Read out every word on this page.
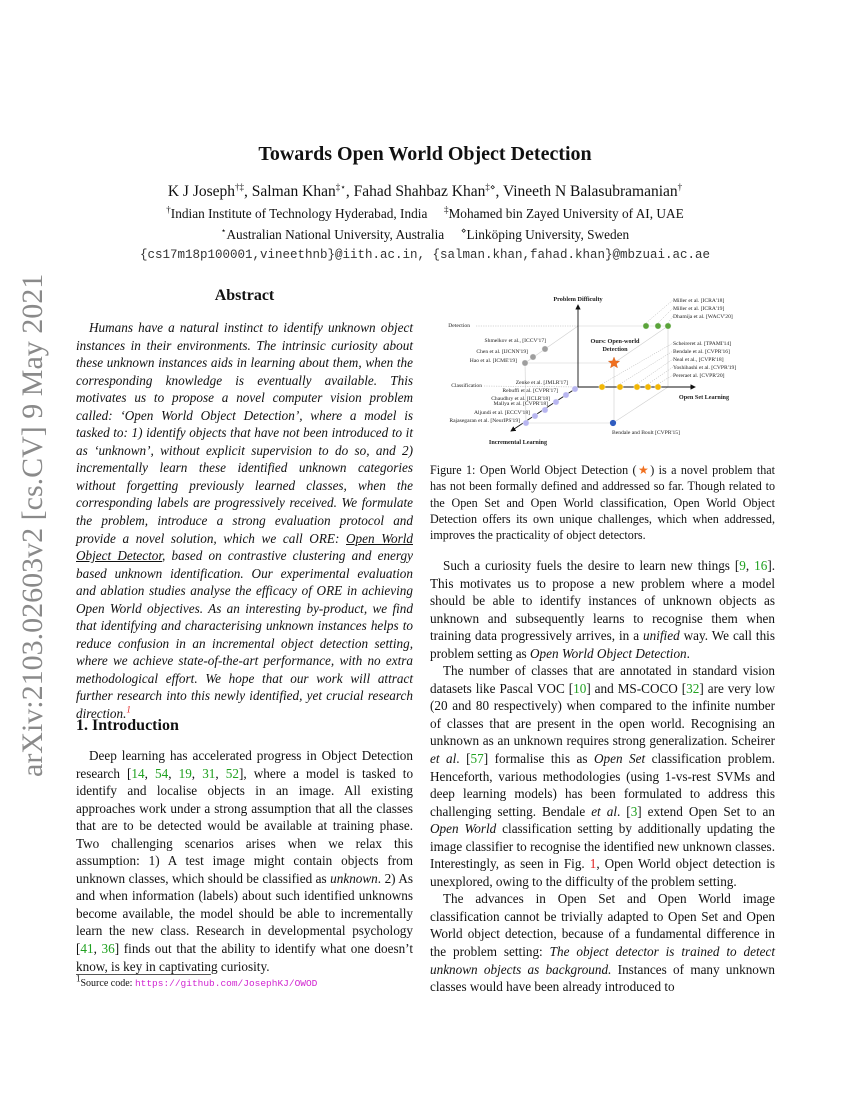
arXiv:2103.02603v2 [cs.CV] 9 May 2021
Towards Open World Object Detection
K J Joseph†‡, Salman Khan‡⋆, Fahad Shahbaz Khan‡⋄, Vineeth N Balasubramanian†
†Indian Institute of Technology Hyderabad, India ‡Mohamed bin Zayed University of AI, UAE
⋆Australian National University, Australia ⋄Linköping University, Sweden
{cs17m18p100001,vineethnb}@iith.ac.in, {salman.khan,fahad.khan}@mbzuai.ac.ae
Abstract

Humans have a natural instinct to identify unknown object instances in their environments. The intrinsic curiosity about these unknown instances aids in learning about them, when the corresponding knowledge is eventually available. This motivates us to propose a novel computer vision problem called: ‘Open World Object Detection’, where a model is tasked to: 1) identify objects that have not been introduced to it as ‘unknown’, without explicit supervision to do so, and 2) incrementally learn these identified unknown categories without forgetting previously learned classes, when the corresponding labels are progressively received. We formulate the problem, introduce a strong evaluation protocol and provide a novel solution, which we call ORE: Open World Object Detector, based on contrastive clustering and energy based unknown identification. Our experimental evaluation and ablation studies analyse the efficacy of ORE in achieving Open World objectives. As an interesting by-product, we find that identifying and characterising unknown instances helps to reduce confusion in an incremental object detection setting, where we achieve state-of-the-art performance, with no extra methodological effort. We hope that our work will attract further research into this newly identified, yet crucial research direction.$^1$

1. Introduction

Deep learning has accelerated progress in Object Detection research [14, 54, 19, 31, 52], where a model is tasked to identify and localise objects in an image. All existing approaches work under a strong assumption that all the classes that are to be detected would be available at training phase. Two challenging scenarios arises when we relax this assumption: 1) A test image might contain objects from unknown classes, which should be classified as unknown. 2) As and when information (labels) about such identified unknowns become available, the model should be able to incrementally learn the new class. Research in developmental psychology [41, 36] finds out that the ability to identify what one doesn’t know, is key in captivating curiosity.

$^1$Source code: https://github.com/JosephKJ/OWOD
Problem Difficulty
Open Set Learning
Incremental Learning
Detection
Classification
Ours: Open-world
Detection
Miller et al. [ICRA'18]
Miller et al. [ICRA'19]
Dhamija et al. [WACV'20]
Scheireret al. [TPAMI'14]
Bendale et al. [CVPR'16]
Neal et al., [CVPR'18]
Yoshihashi et al. [CVPR'19]
Pereraet al. [CVPR'20]
Shmelkov et al., [ICCV'17]
Chen et al. [IJCNN'19]
Hao et al. [ICME'19]
Zenke et al. [JMLR'17]
Rebuffi et al. [CVPR'17]
Chaudhry et al. [ICLR'18]
Mallya et al. [CVPR'18]
Aljundi et al. [ECCV'18]
Rajasegaran et al. [NeurIPS'19]
Bendale and Boult [CVPR'15]

Figure 1: Open World Object Detection (★) is a novel problem that has not been formally defined and addressed so far. Though related to the Open Set and Open World classification, Open World Object Detection offers its own unique challenges, which when addressed, improves the practicality of object detectors.

Such a curiosity fuels the desire to learn new things [9, 16]. This motivates us to propose a new problem where a model should be able to identify instances of unknown objects as unknown and subsequently learns to recognise them when training data progressively arrives, in a unified way. We call this problem setting as Open World Object Detection.

The number of classes that are annotated in standard vision datasets like Pascal VOC [10] and MS-COCO [32] are very low (20 and 80 respectively) when compared to the infinite number of classes that are present in the open world. Recognising an unknown as an unknown requires strong generalization. Scheirer et al. [57] formalise this as Open Set classification problem. Henceforth, various methodologies (using 1-vs-rest SVMs and deep learning models) has been formulated to address this challenging setting. Bendale et al. [3] extend Open Set to an Open World classification setting by additionally updating the image classifier to recognise the identified new unknown classes. Interestingly, as seen in Fig. 1, Open World object detection is unexplored, owing to the difficulty of the problem setting.

The advances in Open Set and Open World image classification cannot be trivially adapted to Open Set and Open World object detection, because of a fundamental difference in the problem setting: The object detector is trained to detect unknown objects as background. Instances of many unknown classes would have been already introduced to
